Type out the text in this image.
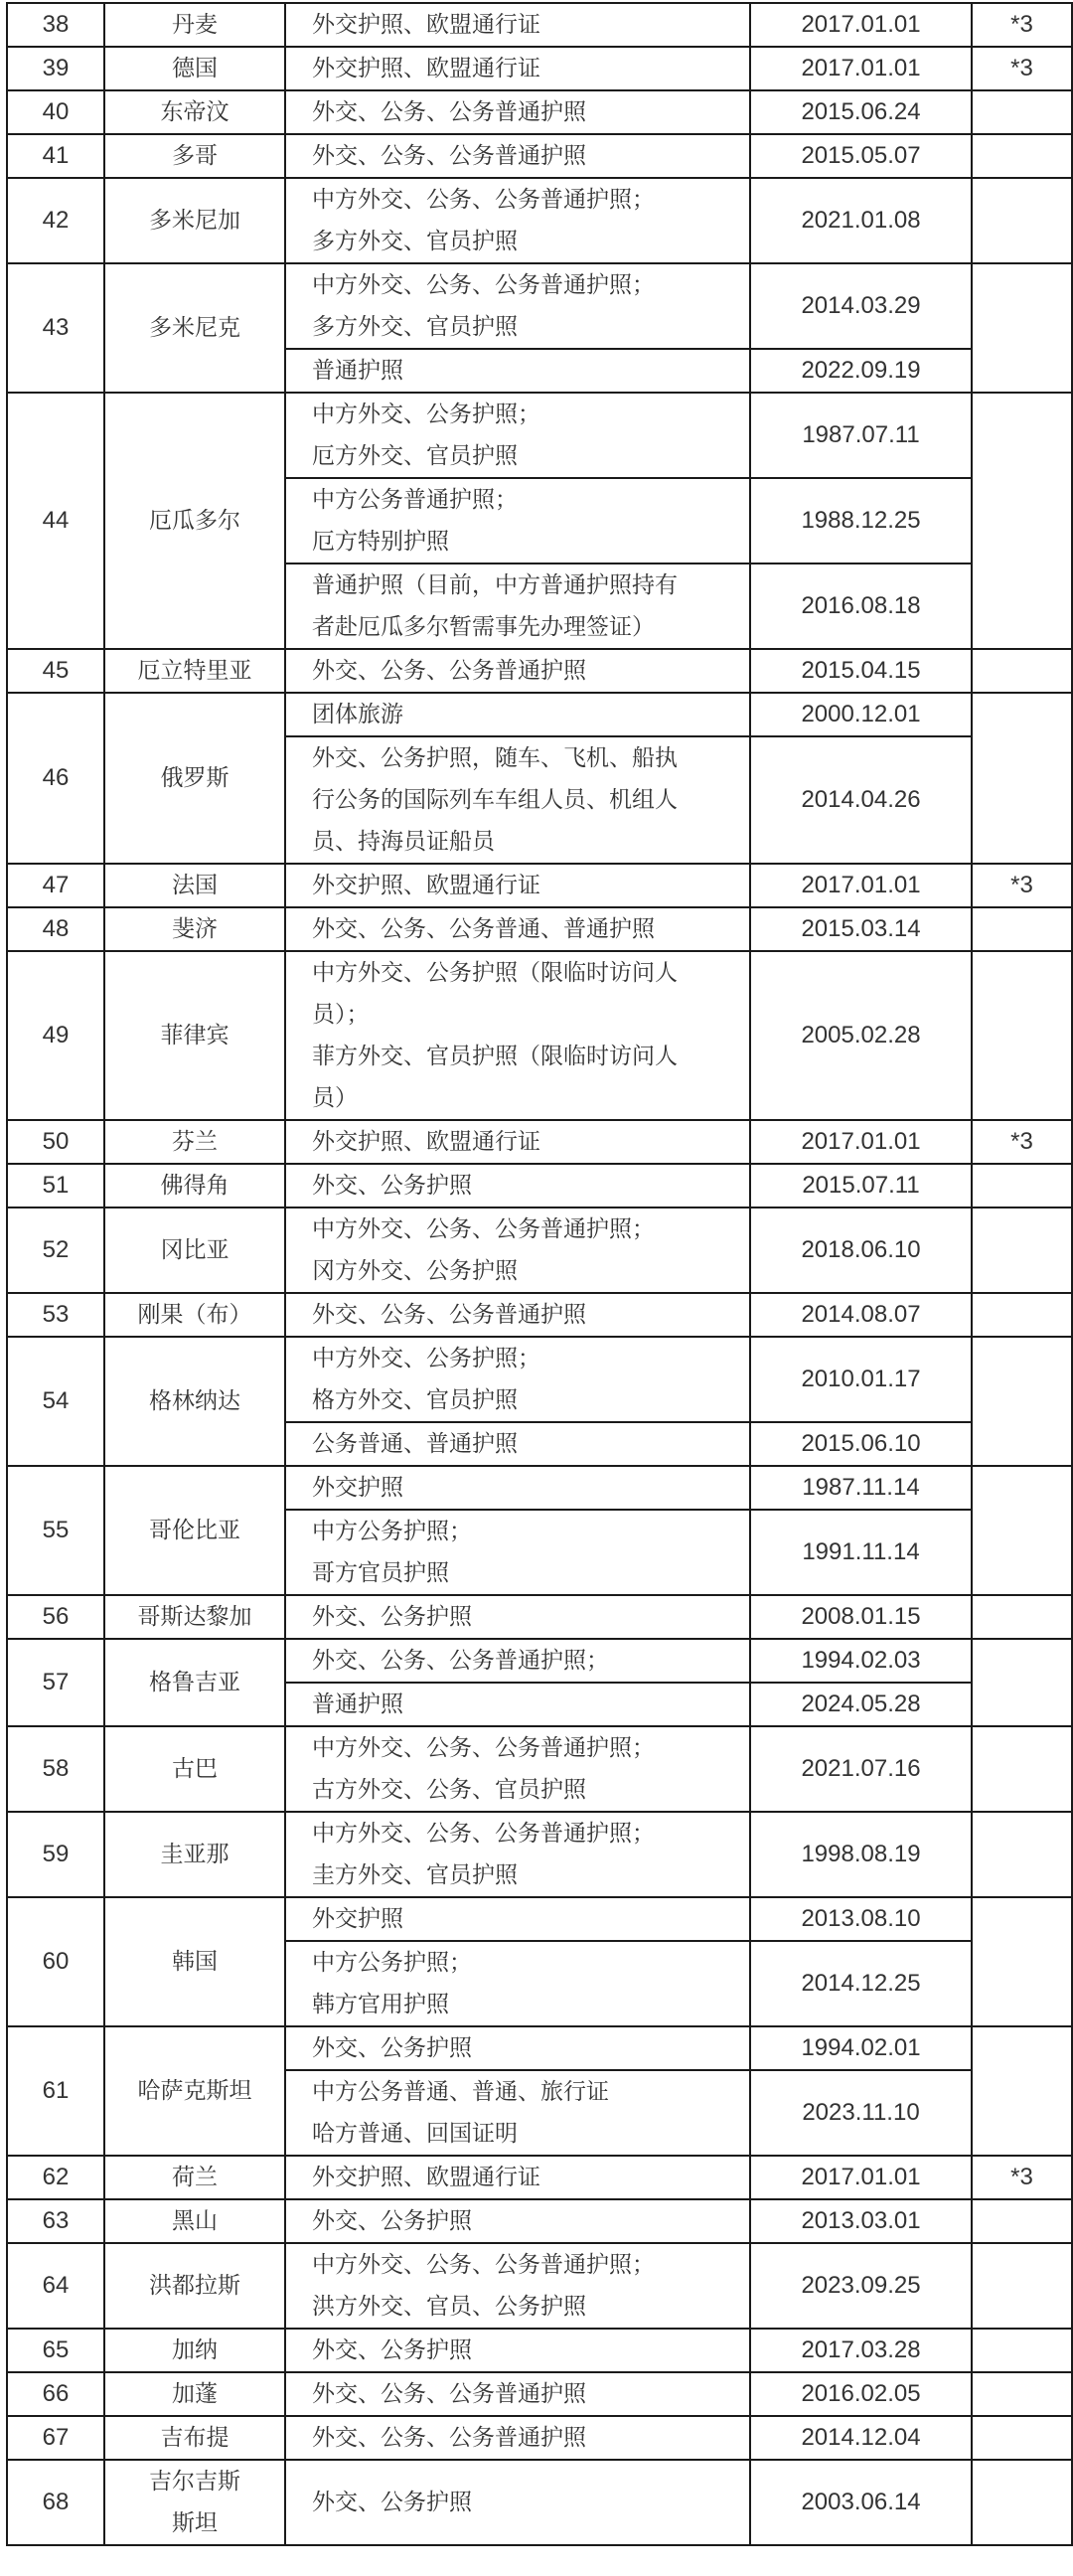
38	丹麦	外交护照、欧盟通行证	2017.01.01	*3
39	德国	外交护照、欧盟通行证	2017.01.01	*3
40	东帝汶	外交、公务、公务普通护照	2015.06.24	
41	多哥	外交、公务、公务普通护照	2015.05.07	
42	多米尼加	中方外交、公务、公务普通护照；
多方外交、官员护照	2021.01.08	
43	多米尼克	中方外交、公务、公务普通护照；
多方外交、官员护照	2014.03.29	
		普通护照	2022.09.19	
44	厄瓜多尔	中方外交、公务护照；
厄方外交、官员护照	1987.07.11	
		中方公务普通护照；
厄方特别护照	1988.12.25	
		普通护照（目前，中方普通护照持有
者赴厄瓜多尔暂需事先办理签证）	2016.08.18	
45	厄立特里亚	外交、公务、公务普通护照	2015.04.15	
46	俄罗斯	团体旅游	2000.12.01	
		外交、公务护照，随车、飞机、船执
行公务的国际列车车组人员、机组人
员、持海员证船员	2014.04.26	
47	法国	外交护照、欧盟通行证	2017.01.01	*3
48	斐济	外交、公务、公务普通、普通护照	2015.03.14	
49	菲律宾	中方外交、公务护照（限临时访问人
员）；
菲方外交、官员护照（限临时访问人
员）	2005.02.28	
50	芬兰	外交护照、欧盟通行证	2017.01.01	*3
51	佛得角	外交、公务护照	2015.07.11	
52	冈比亚	中方外交、公务、公务普通护照；
冈方外交、公务护照	2018.06.10	
53	刚果（布）	外交、公务、公务普通护照	2014.08.07	
54	格林纳达	中方外交、公务护照；
格方外交、官员护照	2010.01.17	
		公务普通、普通护照	2015.06.10	
55	哥伦比亚	外交护照	1987.11.14	
		中方公务护照；
哥方官员护照	1991.11.14	
56	哥斯达黎加	外交、公务护照	2008.01.15	
57	格鲁吉亚	外交、公务、公务普通护照；	1994.02.03	
		普通护照	2024.05.28	
58	古巴	中方外交、公务、公务普通护照；
古方外交、公务、官员护照	2021.07.16	
59	圭亚那	中方外交、公务、公务普通护照；
圭方外交、官员护照	1998.08.19	
60	韩国	外交护照	2013.08.10	
		中方公务护照；
韩方官用护照	2014.12.25	
61	哈萨克斯坦	外交、公务护照	1994.02.01	
		中方公务普通、普通、旅行证
哈方普通、回国证明	2023.11.10	
62	荷兰	外交护照、欧盟通行证	2017.01.01	*3
63	黑山	外交、公务护照	2013.03.01	
64	洪都拉斯	中方外交、公务、公务普通护照；
洪方外交、官员、公务护照	2023.09.25	
65	加纳	外交、公务护照	2017.03.28	
66	加蓬	外交、公务、公务普通护照	2016.02.05	
67	吉布提	外交、公务、公务普通护照	2014.12.04	
68	吉尔吉斯
斯坦	外交、公务护照	2003.06.14	
